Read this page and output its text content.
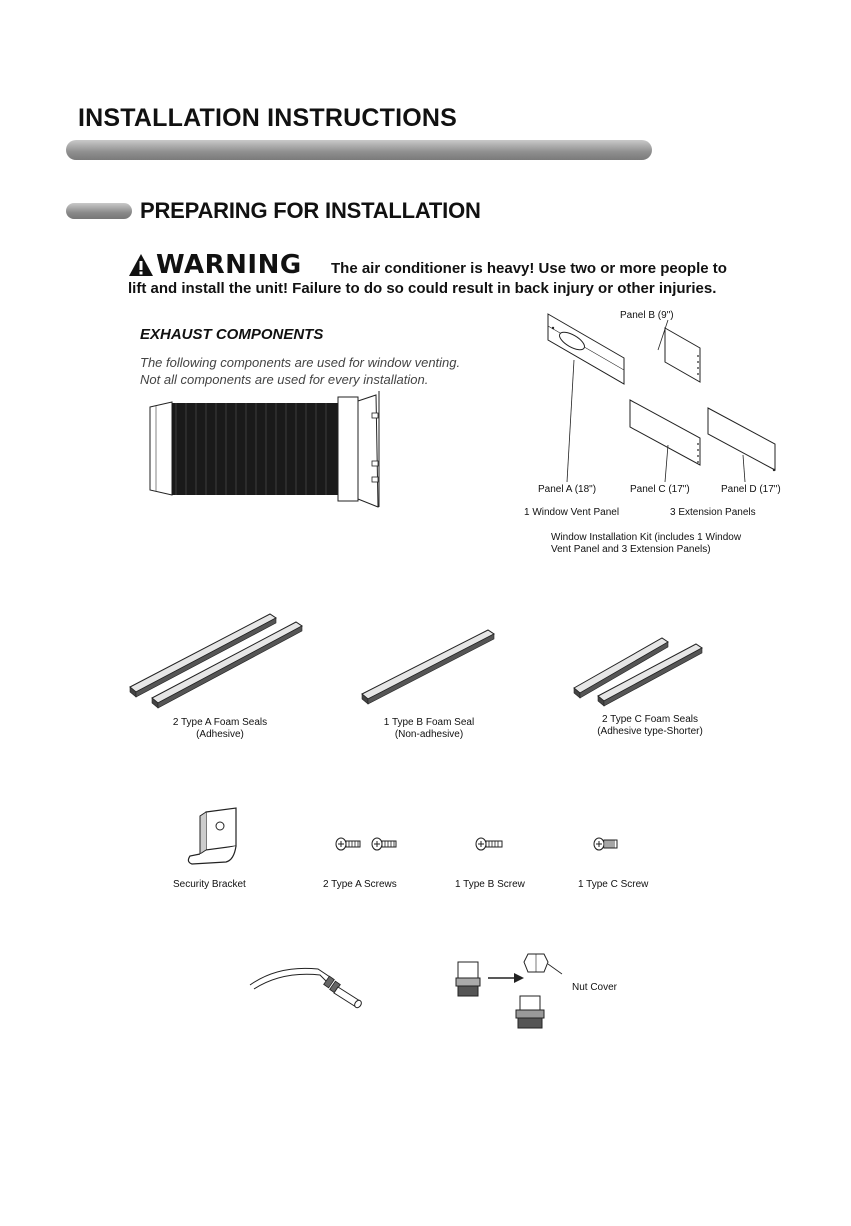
INSTALLATION INSTRUCTIONS
PREPARING FOR INSTALLATION
WARNING The air conditioner is heavy! Use two or more people to
lift and install the unit! Failure to do so could result in back injury or other injuries.
EXHAUST COMPONENTS
The following components are used for window venting.
Not all components are used for every installation.
Panel B (9")
Panel A (18")	Panel C (17")	Panel D (17")
1 Window Vent Panel	3 Extension Panels
Window Installation Kit (includes 1 Window
Vent Panel and 3 Extension Panels)
2 Type A Foam Seals
(Adhesive)
1 Type B Foam Seal
(Non-adhesive)
2 Type C Foam Seals
(Adhesive type-Shorter)
Security Bracket	2 Type A Screws	1 Type B Screw	1 Type C Screw
Nut Cover
